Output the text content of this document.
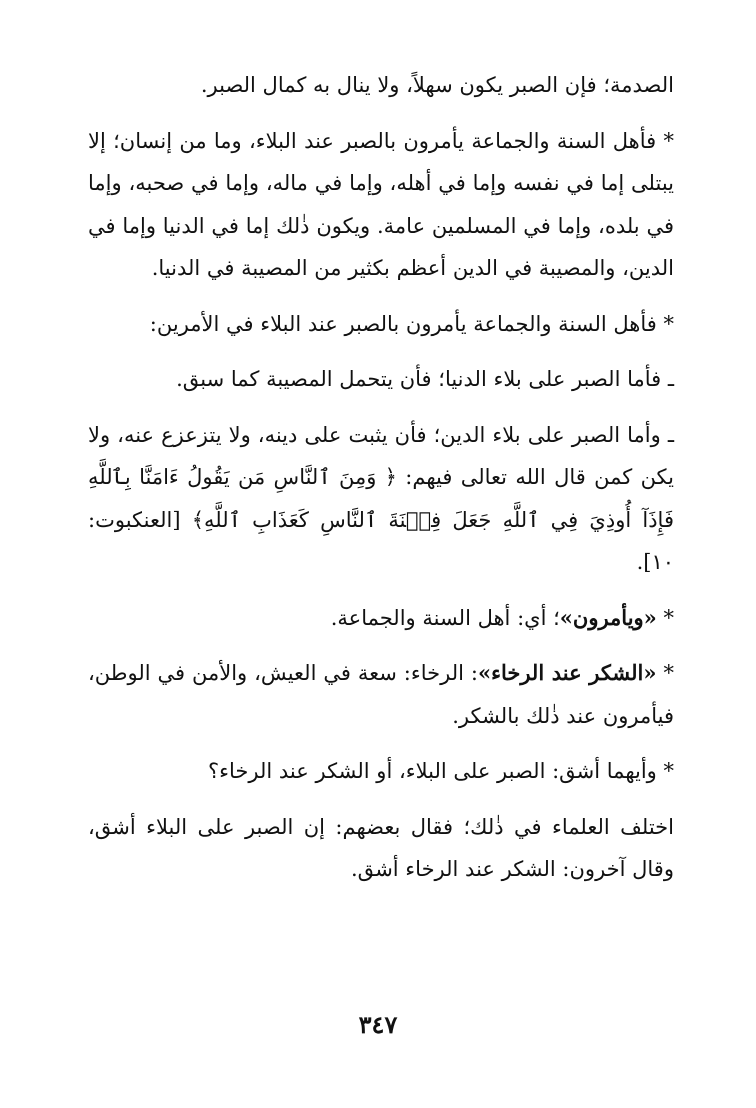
الصدمة؛ فإن الصبر يكون سهلاً، ولا ينال به كمال الصبر.

* فأهل السنة والجماعة يأمرون بالصبر عند البلاء، وما من إنسان؛ إلا يبتلى إما في نفسه وإما في أهله، وإما في ماله، وإما في صحبه، وإما في بلده، وإما في المسلمين عامة. ويكون ذٰلك إما في الدنيا وإما في الدين، والمصيبة في الدين أعظم بكثير من المصيبة في الدنيا.

* فأهل السنة والجماعة يأمرون بالصبر عند البلاء في الأمرين:

ـ فأما الصبر على بلاء الدنيا؛ فأن يتحمل المصيبة كما سبق.

ـ وأما الصبر على بلاء الدين؛ فأن يثبت على دينه، ولا يتزعزع عنه، ولا يكن كمن قال الله تعالى فيهم: ﴿ وَمِنَ ٱلنَّاسِ مَن يَقُولُ ءَامَنَّا بِٱللَّهِ فَإِذَآ أُوذِيَ فِي ٱللَّهِ جَعَلَ فِتۡنَةَ ٱلنَّاسِ كَعَذَابِ ٱللَّهِ﴾ [العنكبوت: ١٠].

* «ويأمرون»؛ أي: أهل السنة والجماعة.

* «الشكر عند الرخاء»: الرخاء: سعة في العيش، والأمن في الوطن، فيأمرون عند ذٰلك بالشكر.

* وأيهما أشق: الصبر على البلاء، أو الشكر عند الرخاء؟

اختلف العلماء في ذٰلك؛ فقال بعضهم: إن الصبر على البلاء أشق، وقال آخرون: الشكر عند الرخاء أشق.

٣٤٧
